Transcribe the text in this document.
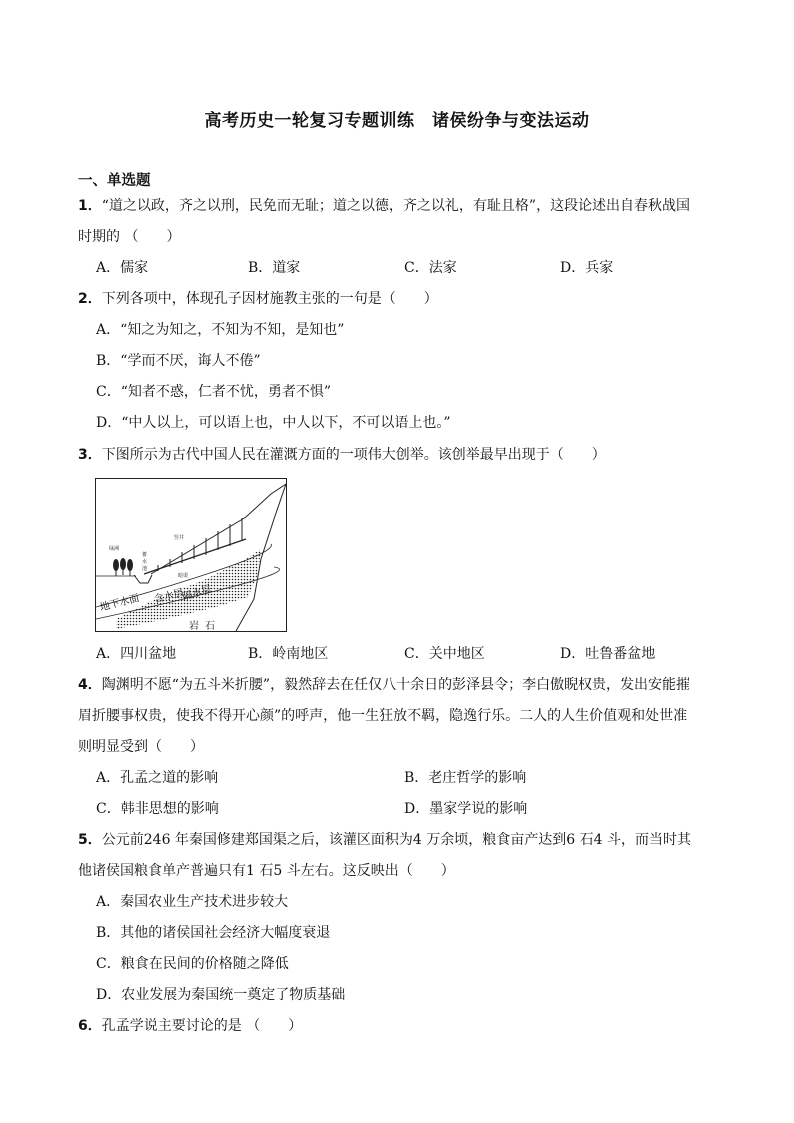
高考历史一轮复习专题训练　诸侯纷争与变法运动
一、单选题
1．“道之以政，齐之以刑，民免而无耻；道之以德，齐之以礼，有耻且格”，这段论述出自春秋战国
时期的 （　　）
A．儒家	B．道家	C．法家	D．兵家
2．下列各项中，体现孔子因材施教主张的一句是（　　）
A．“知之为知之，不知为不知，是知也”
B．“学而不厌，诲人不倦”
C．“知者不惑，仁者不忧，勇者不惧”
D．“中人以上，可以语上也，中人以下，不可以语上也。”
3．下图所示为古代中国人民在灌溉方面的一项伟大创举。该创举最早出现于（　　）
绿洲
蓄水池
竖井
暗渠
地下水面 含水层
隔水层
岩石
A．四川盆地	B．岭南地区	C．关中地区	D．吐鲁番盆地
4．陶渊明不愿“为五斗米折腰”，毅然辞去在任仅八十余日的彭泽县令；李白傲睨权贵，发出安能摧
眉折腰事权贵，使我不得开心颜”的呼声，他一生狂放不羁，隐逸行乐。二人的人生价值观和处世准
则明显受到（　　）
A．孔孟之道的影响	B．老庄哲学的影响
C．韩非思想的影响	D．墨家学说的影响
5．公元前246 年秦国修建郑国渠之后，该灌区面积为4 万余顷，粮食亩产达到6 石4 斗，而当时其
他诸侯国粮食单产普遍只有1 石5 斗左右。这反映出（　　）
A．秦国农业生产技术进步较大
B．其他的诸侯国社会经济大幅度衰退
C．粮食在民间的价格随之降低
D．农业发展为秦国统一奠定了物质基础
6．孔孟学说主要讨论的是 （　　）
